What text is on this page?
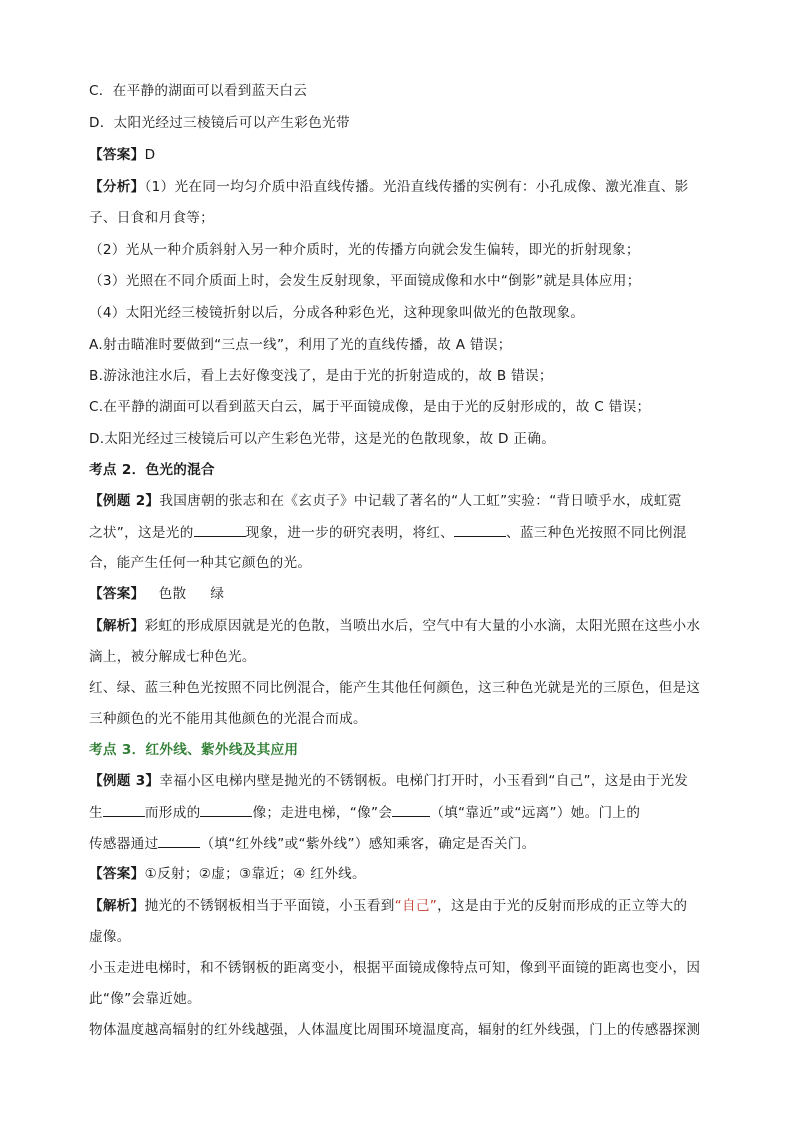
C．在平静的湖面可以看到蓝天白云
D．太阳光经过三棱镜后可以产生彩色光带
【答案】D
【分析】（1）光在同一均匀介质中沿直线传播。光沿直线传播的实例有：小孔成像、激光准直、影
子、日食和月食等；
（2）光从一种介质斜射入另一种介质时，光的传播方向就会发生偏转，即光的折射现象；
（3）光照在不同介质面上时，会发生反射现象，平面镜成像和水中“倒影”就是具体应用；
（4）太阳光经三棱镜折射以后，分成各种彩色光，这种现象叫做光的色散现象。
A.射击瞄准时要做到“三点一线”，利用了光的直线传播，故 A 错误；
B.游泳池注水后，看上去好像变浅了，是由于光的折射造成的，故 B 错误；
C.在平静的湖面可以看到蓝天白云，属于平面镜成像，是由于光的反射形成的，故 C 错误；
D.太阳光经过三棱镜后可以产生彩色光带，这是光的色散现象，故 D 正确。
考点 2．色光的混合
【例题 2】我国唐朝的张志和在《玄贞子》中记载了著名的“人工虹”实验：“背日喷乎水，成虹霓
之状”，这是光的	现象，进一步的研究表明，将红、	、蓝三种色光按照不同比例混
合，能产生任何一种其它颜色的光。
【答案】 色散 绿
【解析】彩虹的形成原因就是光的色散，当喷出水后，空气中有大量的小水滴，太阳光照在这些小水
滴上，被分解成七种色光。
红、绿、蓝三种色光按照不同比例混合，能产生其他任何颜色，这三种色光就是光的三原色，但是这
三种颜色的光不能用其他颜色的光混合而成。
考点 3．红外线、紫外线及其应用
【例题 3】幸福小区电梯内壁是抛光的不锈钢板。电梯门打开时，小玉看到“自己”，这是由于光发
生	而形成的	像；走进电梯，“像”会	（填“靠近”或“远离”）她。门上的
传感器通过	（填“红外线”或“紫外线”）感知乘客，确定是否关门。
【答案】①反射；②虚；③靠近；④ 红外线。
【解析】抛光的不锈钢板相当于平面镜，小玉看到“自己”，这是由于光的反射而形成的正立等大的
虚像。
小玉走进电梯时，和不锈钢板的距离变小，根据平面镜成像特点可知，像到平面镜的距离也变小，因
此“像”会靠近她。
物体温度越高辐射的红外线越强，人体温度比周围环境温度高，辐射的红外线强，门上的传感器探测
